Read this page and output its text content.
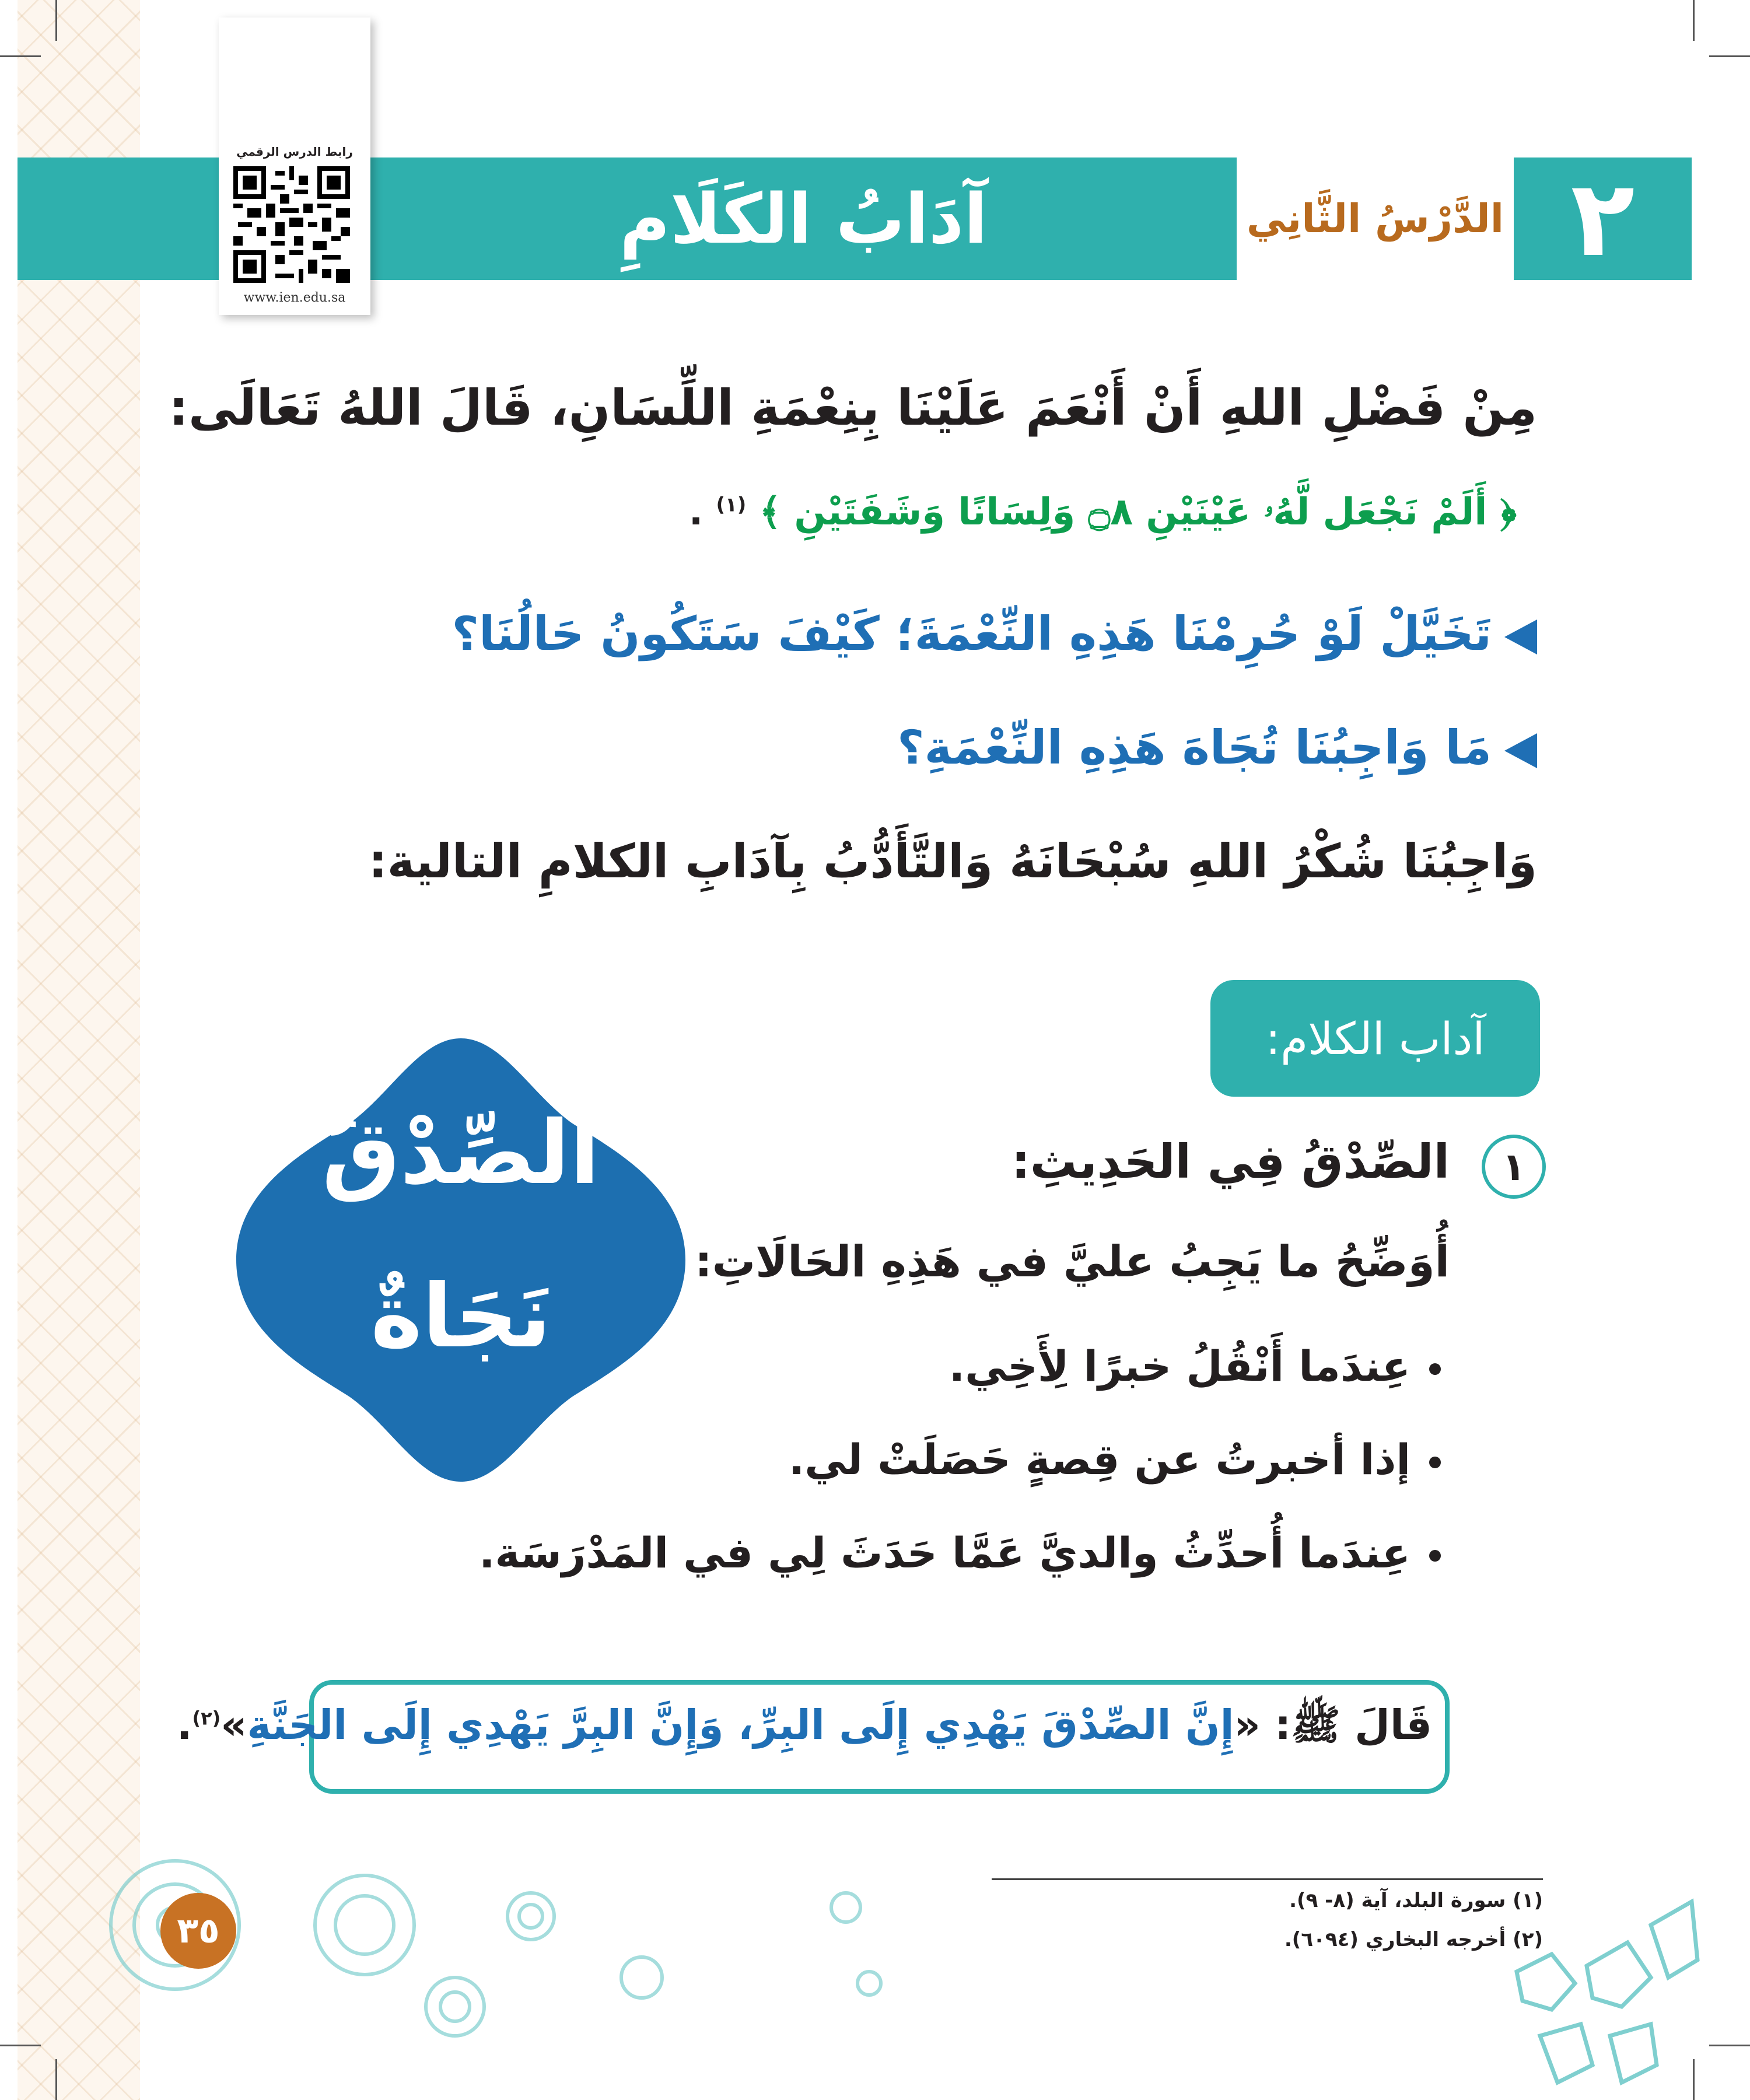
آدَابُ الكَلَامِ	الدَّرْسُ الثَّانِي ٢
رابط الدرس الرقمي
www.ien.edu.sa
مِنْ فَضْلِ اللهِ أَنْ أَنْعَمَ عَلَيْنَا بِنِعْمَةِ اللِّسَانِ، قَالَ اللهُ تَعَالَى:
﴿ أَلَمْ نَجْعَل لَّهُۥ عَيْنَيْنِ ۝٨ وَلِسَانًا وَشَفَتَيْنِ ﴾ $^{(١)}$ .
تَخَيَّلْ لَوْ حُرِمْنَا هَذِهِ النِّعْمَةَ؛ كَيْفَ سَتَكُونُ حَالُنَا؟
مَا وَاجِبُنَا تُجَاهَ هَذِهِ النِّعْمَةِ؟
وَاجِبُنَا شُكْرُ اللهِ سُبْحَانَهُ وَالتَّأَدُّبُ بِآدَابِ الكلامِ التالية:
آداب الكلام:
الصِّدْقُ
نَجَاةٌ
١
الصِّدْقُ فِي الحَدِيثِ:
أُوَضِّحُ ما يَجِبُ عليَّ في هَذِهِ الحَالَاتِ:
عِندَما أَنْقُلُ خبرًا لِأَخِي.
إذا أخبرتُ عن قِصةٍ حَصَلَتْ لي.
عِندَما أُحدِّثُ والديَّ عَمَّا حَدَثَ لِي في المَدْرَسَة.
قَالَ ﷺ: «إِنَّ الصِّدْقَ يَهْدِي إِلَى البِرِّ، وَإِنَّ البِرَّ يَهْدِي إِلَى الجَنَّةِ»$^{(٢)}$.
(١) سورة البلد، آية (٨- ٩).
(٢) أخرجه البخاري (٦٠٩٤).
٣٥
